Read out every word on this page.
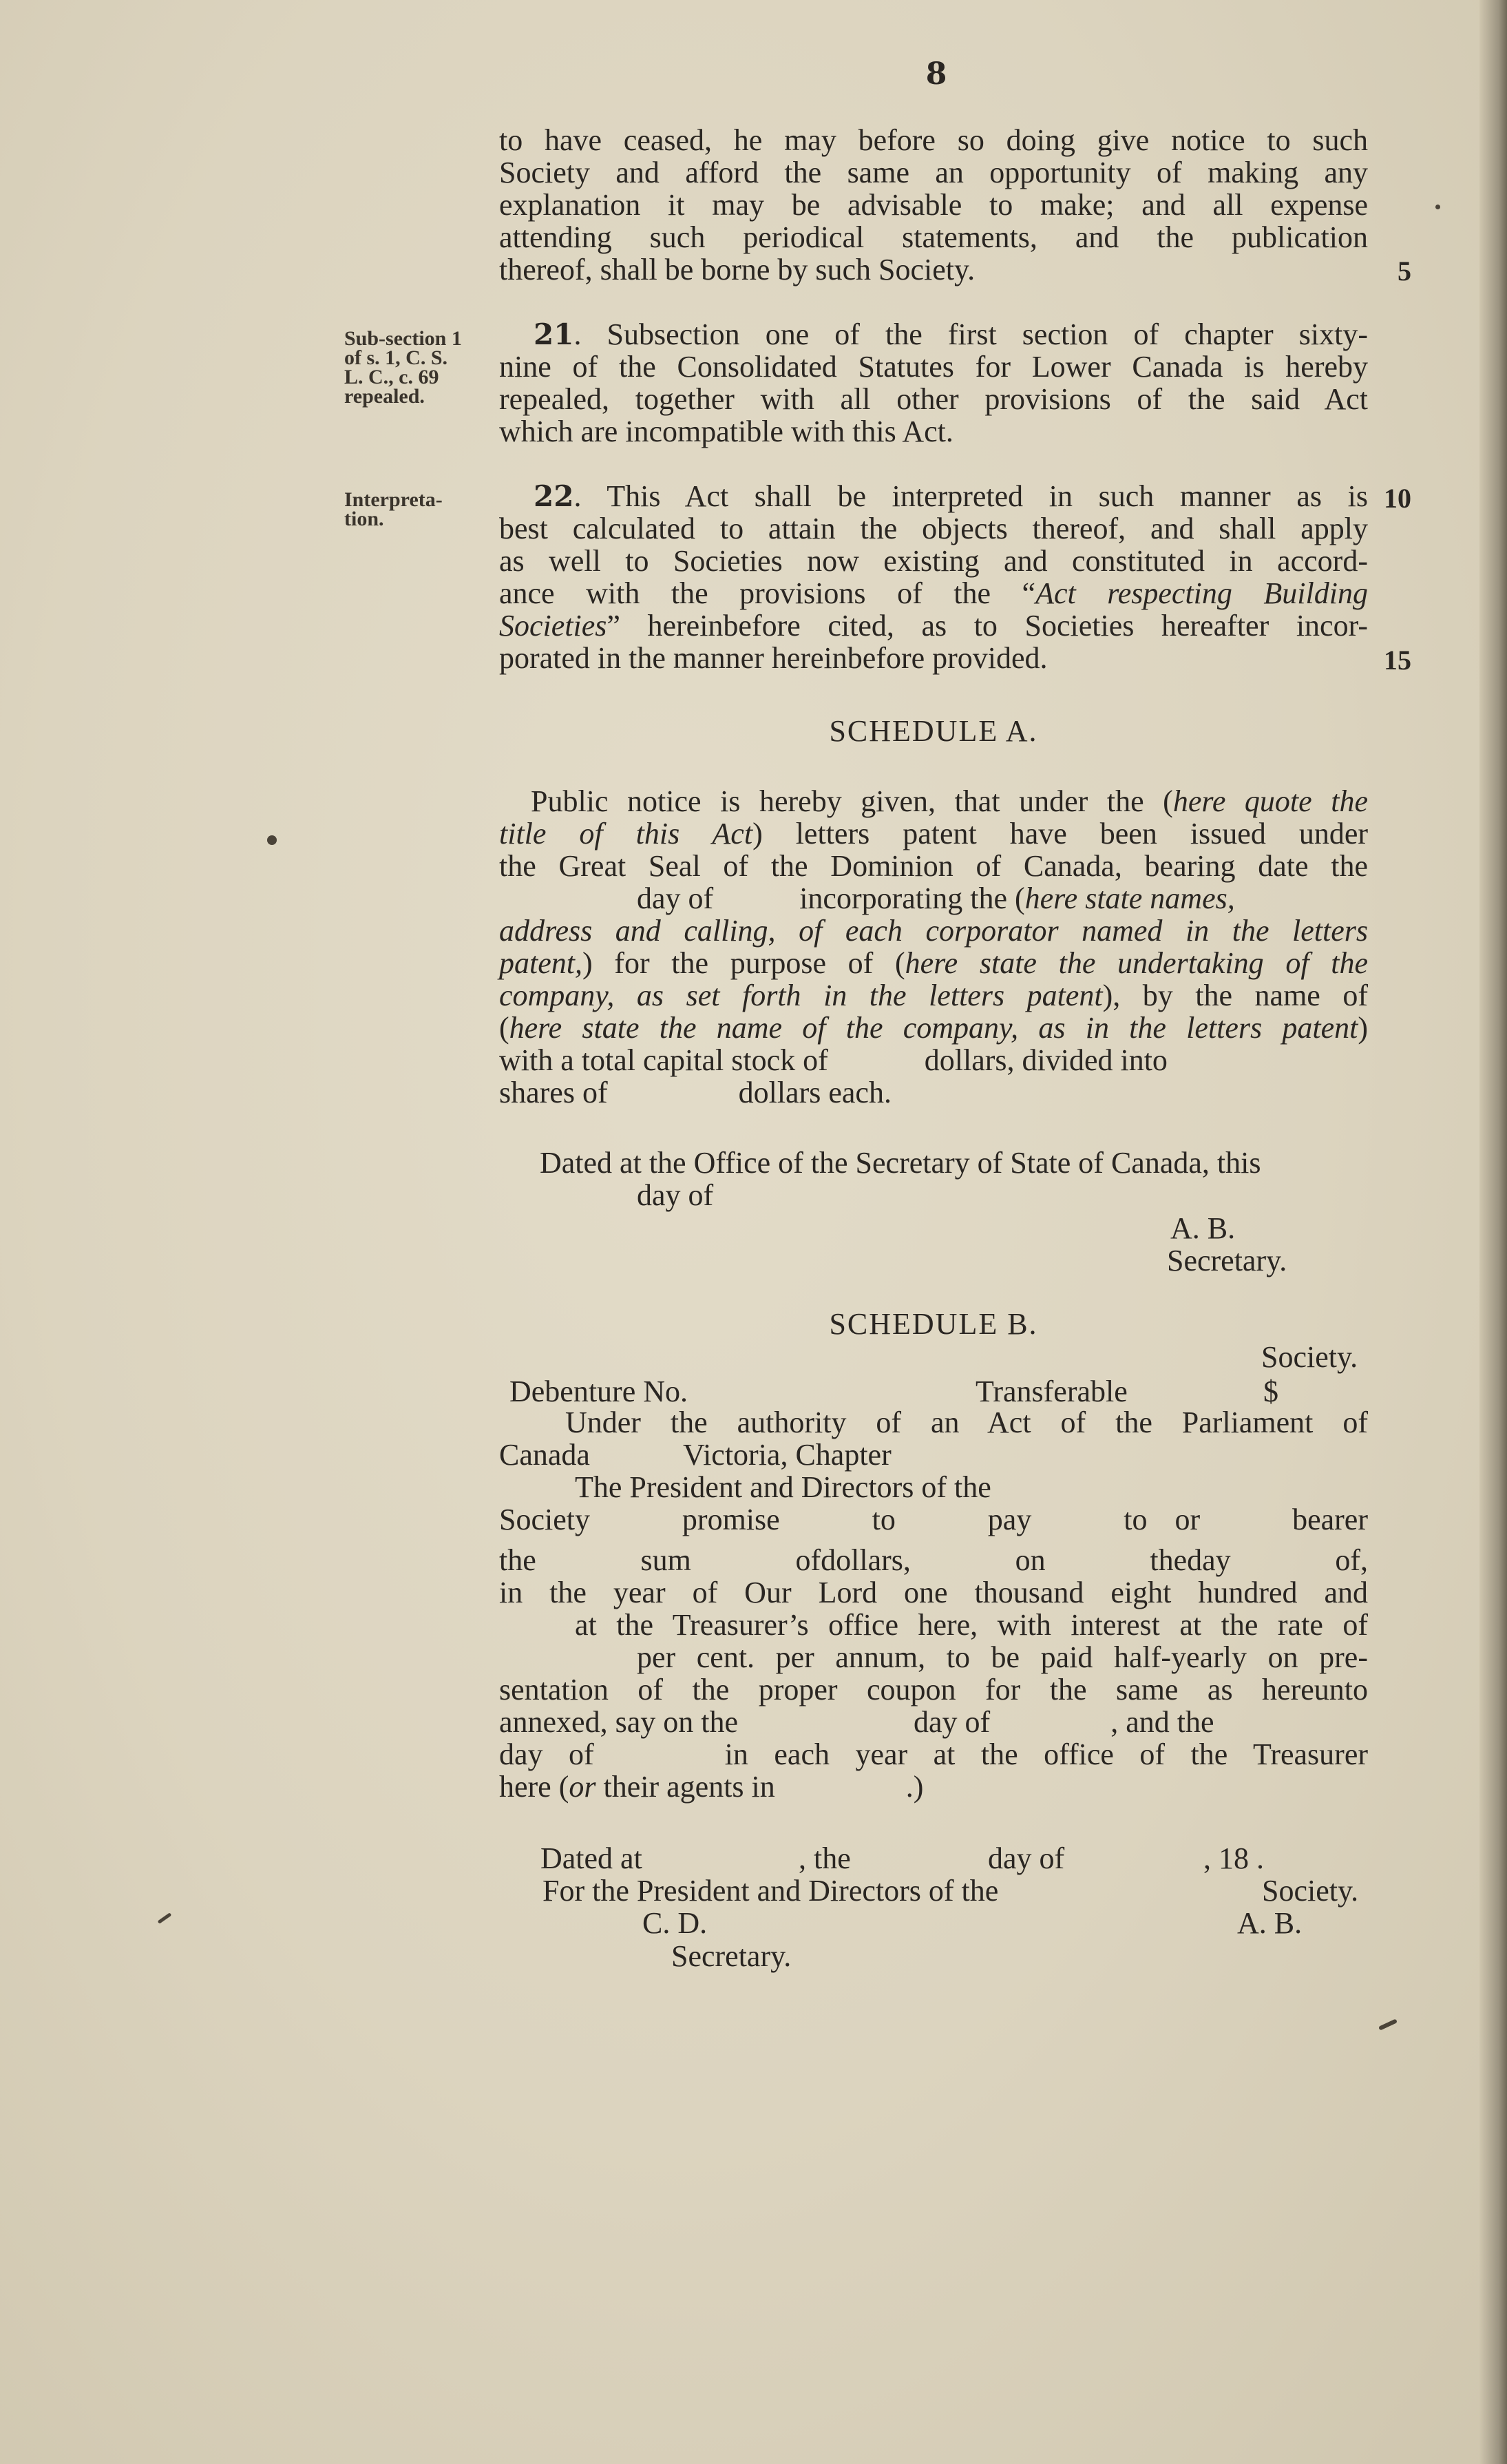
8
to have ceased, he may before so doing give notice to such
Society and afford the same an opportunity of making any
explanation it may be advisable to make; and all expense
attending such periodical statements, and the publication
thereof, shall be borne by such Society.	5
Sub-section 1
of s. 1, C. S.
L. C., c. 69
repealed.
21. Subsection one of the first section of chapter sixty-
nine of the Consolidated Statutes for Lower Canada is hereby
repealed, together with all other provisions of the said Act
which are incompatible with this Act.
Interpreta-
tion.
22. This Act shall be interpreted in such manner as is
best calculated to attain the objects thereof, and shall apply
as well to Societies now existing and constituted in accord-
ance with the provisions of the “Act respecting Building
Societies” hereinbefore cited, as to Societies hereafter incor-
porated in the manner hereinbefore provided.
10
15
SCHEDULE A.
Public notice is hereby given, that under the (here quote the
title of this Act) letters patent have been issued under
the Great Seal of the Dominion of Canada, bearing date the
day of	incorporating the (here state names,
address and calling, of each corporator named in the letters
patent,) for the purpose of (here state the undertaking of the
company, as set forth in the letters patent), by the name of
(here state the name of the company, as in the letters patent)
with a total capital stock of	dollars, divided into
shares of	dollars each.
Dated at the Office of the Secretary of State of Canada, this
day of
A. B.
Secretary.
SCHEDULE B.
Society.
Debenture No.	Transferable	$
Under the authority of an Act of the Parliament of
Canada	Victoria, Chapter
The President and Directors of the
Society promise to pay to or bearer
the sum ofdollars, on theday of,
in the year of Our Lord one thousand eight hundred and
at the Treasurer’s office here, with interest at the rate of
per cent. per annum, to be paid half-yearly on pre-
sentation of the proper coupon for the same as hereunto
annexed, say on the	day of	, and the
day of	in each year at the office of the Treasurer
here (or their agents in	.)
Dated at	, the	day of	, 18 .
For the President and Directors of the	Society.
C. D.	A. B.
Secretary.
